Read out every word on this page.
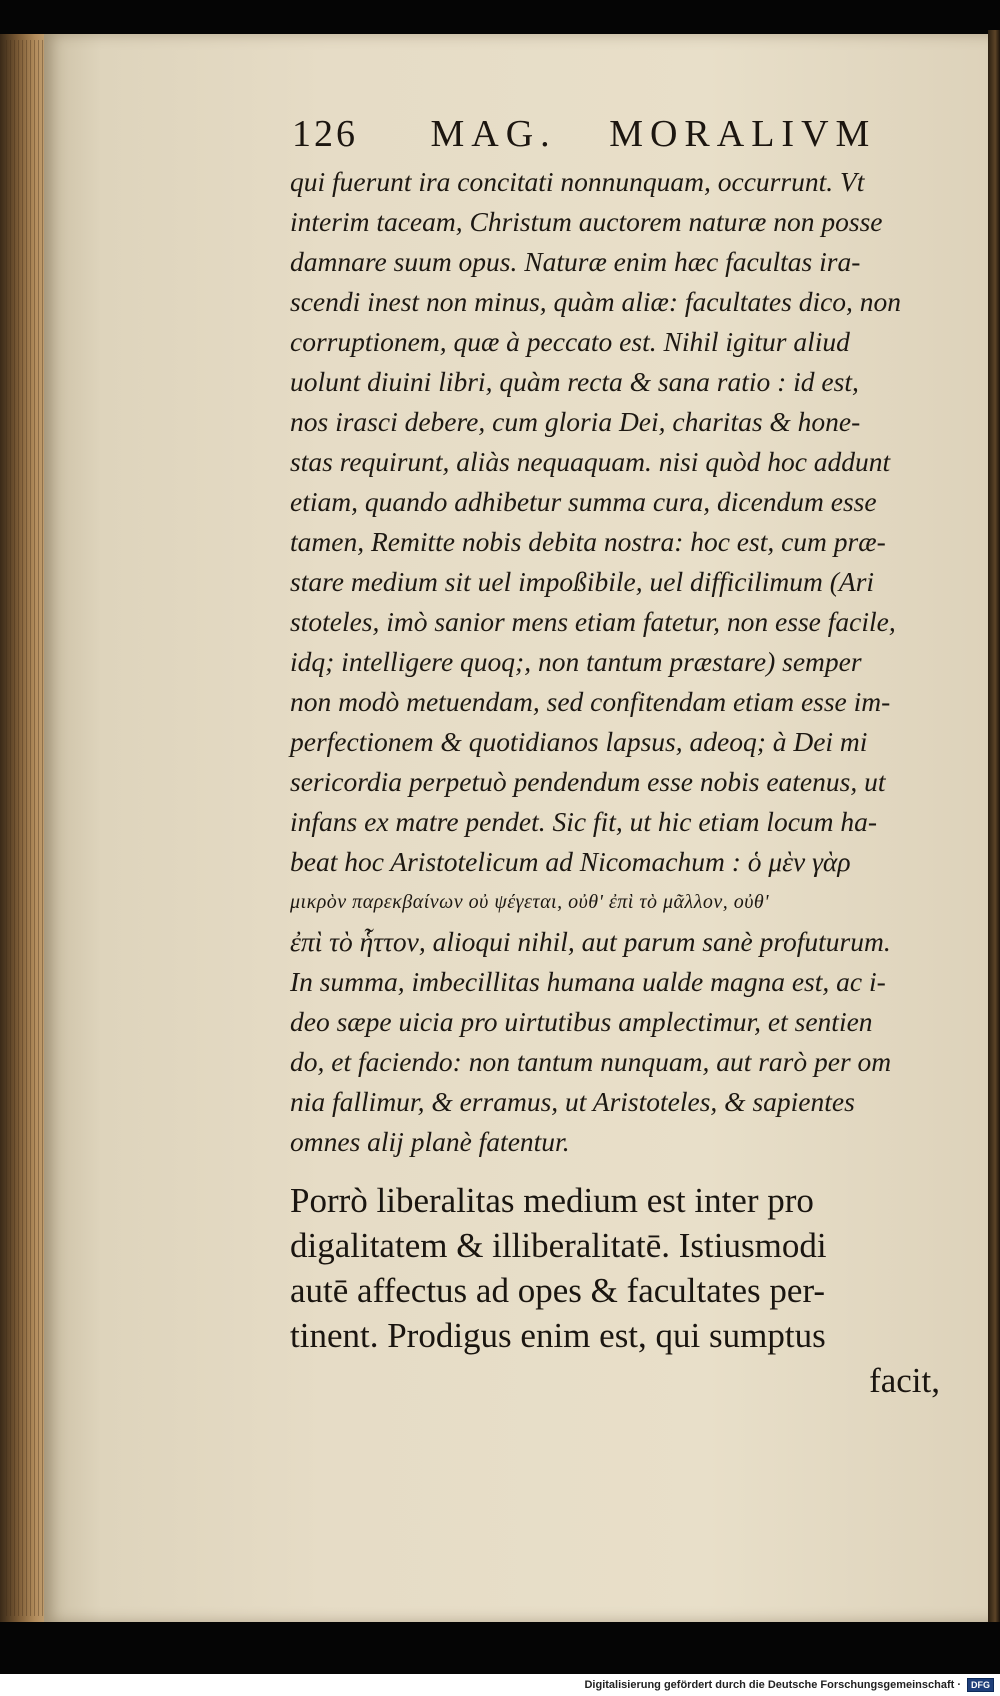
126 MAG. MORALIVM
qui fuerunt ira concitati nonnunquam, occurrunt. Vt
interim taceam, Christum auctorem naturæ non posse
damnare suum opus. Naturæ enim hæc facultas ira-
scendi inest non minus, quàm aliæ: facultates dico, non
corruptionem, quæ à peccato est. Nihil igitur aliud
uolunt diuini libri, quàm recta & sana ratio : id est,
nos irasci debere, cum gloria Dei, charitas & hone-
stas requirunt, aliàs nequaquam. nisi quòd hoc addunt
etiam, quando adhibetur summa cura, dicendum esse
tamen, Remitte nobis debita nostra: hoc est, cum præ-
stare medium sit uel impoßibile, uel difficilimum (Ari
stoteles, imò sanior mens etiam fatetur, non esse facile,
idq; intelligere quoq;, non tantum præstare) semper
non modò metuendam, sed confitendam etiam esse im-
perfectionem & quotidianos lapsus, adeoq; à Dei mi
sericordia perpetuò pendendum esse nobis eatenus, ut
infans ex matre pendet. Sic fit, ut hic etiam locum ha-
beat hoc Aristotelicum ad Nicomachum : ὁ μὲν γὰρ
μικρὸν παρεκβαίνων οὐ ψέγεται, οὐθ' ἐπὶ τὸ μᾶλλον, οὐθ'
ἐπὶ τὸ ἧττον, alioqui nihil, aut parum sanè profuturum.
In summa, imbecillitas humana ualde magna est, ac i-
deo sæpe uicia pro uirtutibus amplectimur, et sentien
do, et faciendo: non tantum nunquam, aut rarò per om
nia fallimur, & erramus, ut Aristoteles, & sapientes
omnes alij planè fatentur.
Porrò liberalitas medium est inter pro
digalitatem & illiberalitatē. Istiusmodi
autē affectus ad opes & facultates per-
tinent. Prodigus enim est, qui sumptus
facit,
Digitalisierung gefördert durch die Deutsche Forschungsgemeinschaft ·	DFG
